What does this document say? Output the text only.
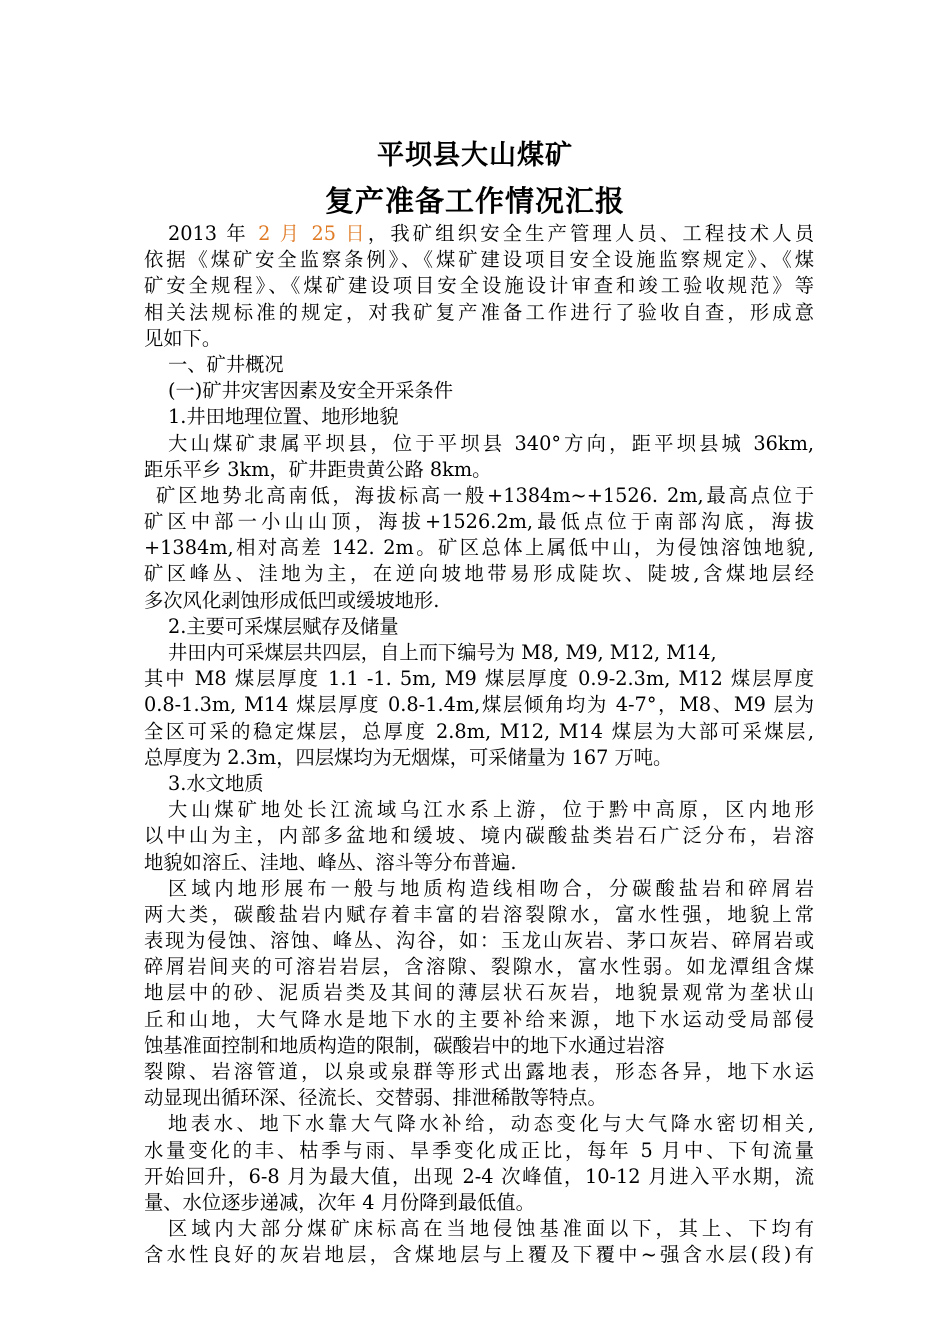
平坝县大山煤矿
复产准备工作情况汇报
2013 年 2 月 25 日，我矿组织安全生产管理人员、工程技术人员
依据《煤矿安全监察条例》、《煤矿建设项目安全设施监察规定》、《煤
矿安全规程》、《煤矿建设项目安全设施设计审查和竣工验收规范》等
相关法规标准的规定，对我矿复产准备工作进行了验收自查，形成意
见如下。
一、矿井概况
(一)矿井灾害因素及安全开采条件
1.井田地理位置、地形地貌
大山煤矿隶属平坝县，位于平坝县 340°方向，距平坝县城 36km,
距乐平乡 3km，矿井距贵黄公路 8km。
矿区地势北高南低，海拔标高一般+1384m~+1526. 2m,最高点位于
矿区中部一小山山顶，海拔+1526.2m,最低点位于南部沟底，海拔
+1384m,相对高差 142. 2m。矿区总体上属低中山，为侵蚀溶蚀地貌,
矿区峰丛、洼地为主，在逆向坡地带易形成陡坎、陡坡,含煤地层经
多次风化剥蚀形成低凹或缓坡地形.
2.主要可采煤层赋存及储量
井田内可采煤层共四层，自上而下编号为 M8, M9, M12, M14,
其中 M8 煤层厚度 1.1 -1. 5m, M9 煤层厚度 0.9-2.3m, M12 煤层厚度
0.8-1.3m, M14 煤层厚度 0.8-1.4m,煤层倾角均为 4-7°，M8、M9 层为
全区可采的稳定煤层，总厚度 2.8m, M12, M14 煤层为大部可采煤层,
总厚度为 2.3m，四层煤均为无烟煤，可采储量为 167 万吨。
3.水文地质
大山煤矿地处长江流域乌江水系上游，位于黔中高原，区内地形
以中山为主，内部多盆地和缓坡、境内碳酸盐类岩石广泛分布，岩溶
地貌如溶丘、洼地、峰丛、溶斗等分布普遍.
区域内地形展布一般与地质构造线相吻合，分碳酸盐岩和碎屑岩
两大类，碳酸盐岩内赋存着丰富的岩溶裂隙水，富水性强，地貌上常
表现为侵蚀、溶蚀、峰丛、沟谷，如：玉龙山灰岩、茅口灰岩、碎屑岩或
碎屑岩间夹的可溶岩岩层，含溶隙、裂隙水，富水性弱。如龙潭组含煤
地层中的砂、泥质岩类及其间的薄层状石灰岩，地貌景观常为垄状山
丘和山地，大气降水是地下水的主要补给来源，地下水运动受局部侵
蚀基准面控制和地质构造的限制，碳酸岩中的地下水通过岩溶
裂隙、岩溶管道，以泉或泉群等形式出露地表，形态各异，地下水运
动显现出循环深、径流长、交替弱、排泄稀散等特点。
地表水、地下水靠大气降水补给，动态变化与大气降水密切相关,
水量变化的丰、枯季与雨、旱季变化成正比，每年 5 月中、下旬流量
开始回升，6-8 月为最大值，出现 2-4 次峰值，10-12 月进入平水期，流
量、水位逐步递减，次年 4 月份降到最低值。
区域内大部分煤矿床标高在当地侵蚀基准面以下，其上、下均有
含水性良好的灰岩地层，含煤地层与上覆及下覆中~强含水层(段)有
